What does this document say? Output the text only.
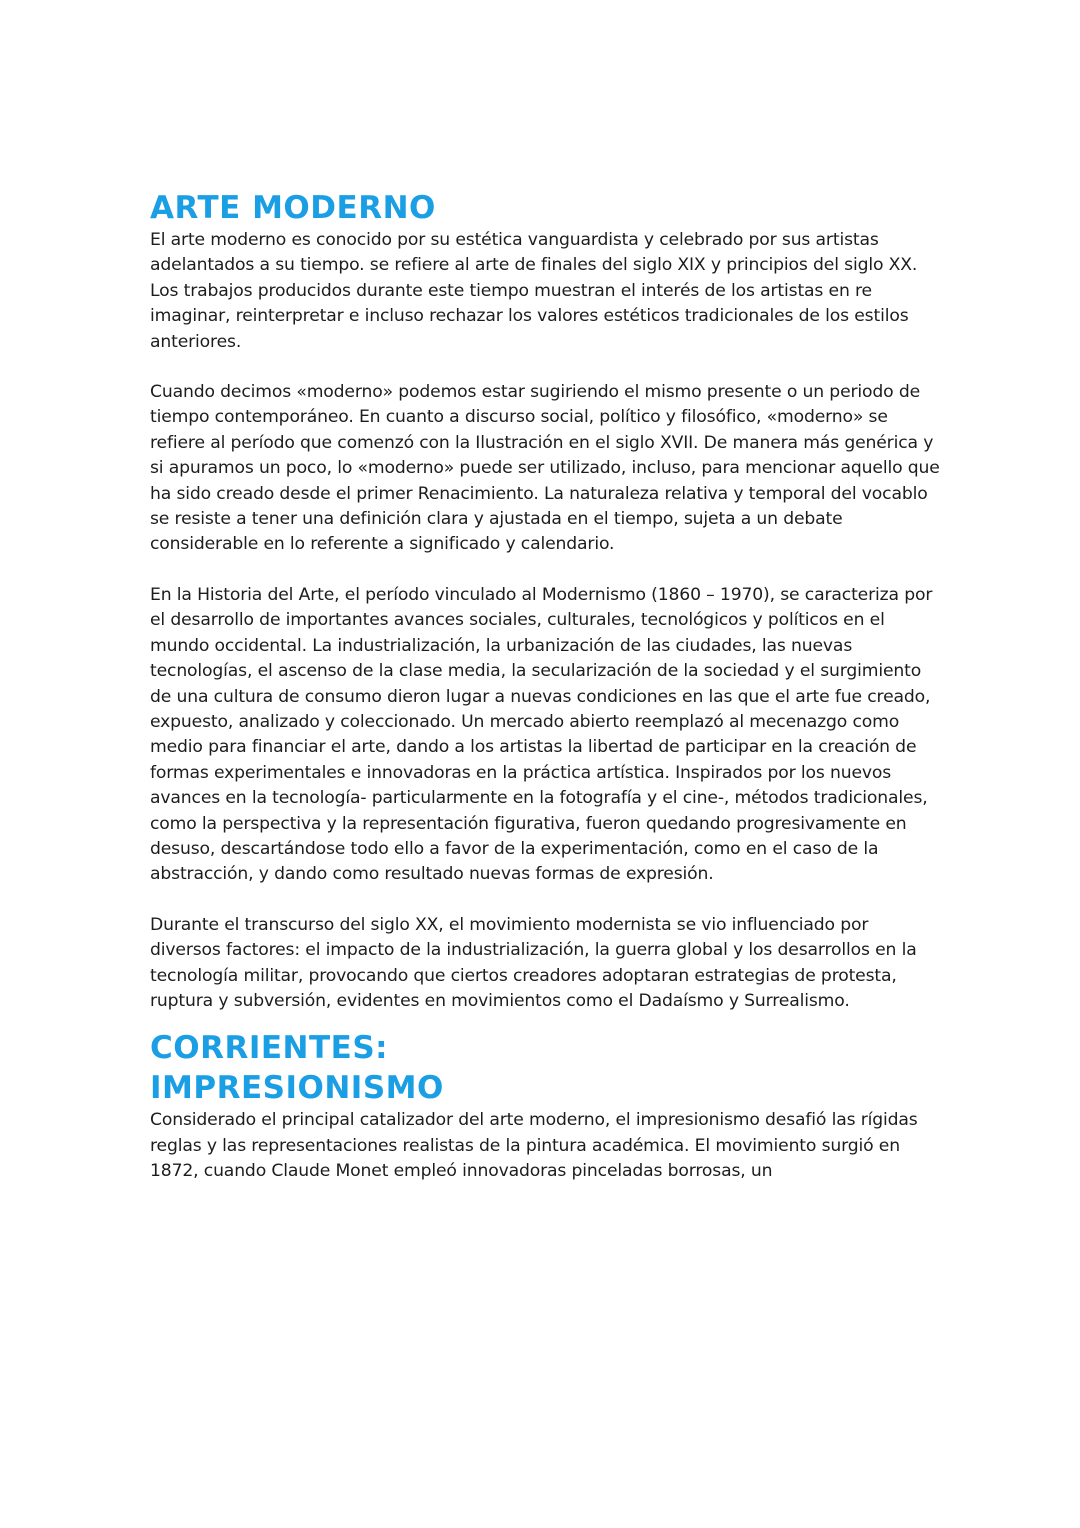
ARTE MODERNO

El arte moderno es conocido por su estética vanguardista y celebrado por sus artistas adelantados a su tiempo. se refiere al arte de finales del siglo XIX y principios del siglo XX. Los trabajos producidos durante este tiempo muestran el interés de los artistas en re imaginar, reinterpretar e incluso rechazar los valores estéticos tradicionales de los estilos anteriores.

Cuando decimos «moderno» podemos estar sugiriendo el mismo presente o un periodo de tiempo contemporáneo. En cuanto a discurso social, político y filosófico, «moderno» se refiere al período que comenzó con la Ilustración en el siglo XVII. De manera más genérica y si apuramos un poco, lo «moderno» puede ser utilizado, incluso, para mencionar aquello que ha sido creado desde el primer Renacimiento. La naturaleza relativa y temporal del vocablo se resiste a tener una definición clara y ajustada en el tiempo, sujeta a un debate considerable en lo referente a significado y calendario.

En la Historia del Arte, el período vinculado al Modernismo (1860 – 1970), se caracteriza por el desarrollo de importantes avances sociales, culturales, tecnológicos y políticos en el mundo occidental. La industrialización, la urbanización de las ciudades, las nuevas tecnologías, el ascenso de la clase media, la secularización de la sociedad y el surgimiento de una cultura de consumo dieron lugar a nuevas condiciones en las que el arte fue creado, expuesto, analizado y coleccionado. Un mercado abierto reemplazó al mecenazgo como medio para financiar el arte, dando a los artistas la libertad de participar en la creación de formas experimentales e innovadoras en la práctica artística. Inspirados por los nuevos avances en la tecnología- particularmente en la fotografía y el cine-, métodos tradicionales, como la perspectiva y la representación figurativa, fueron quedando progresivamente en desuso, descartándose todo ello a favor de la experimentación, como en el caso de la abstracción, y dando como resultado nuevas formas de expresión.

Durante el transcurso del siglo XX, el movimiento modernista se vio influenciado por diversos factores: el impacto de la industrialización, la guerra global y los desarrollos en la tecnología militar, provocando que ciertos creadores adoptaran estrategias de protesta, ruptura y subversión, evidentes en movimientos como el Dadaísmo y Surrealismo.

CORRIENTES:
IMPRESIONISMO

Considerado el principal catalizador del arte moderno, el impresionismo desafió las rígidas reglas y las representaciones realistas de la pintura académica. El movimiento surgió en 1872, cuando Claude Monet empleó innovadoras pinceladas borrosas, un
